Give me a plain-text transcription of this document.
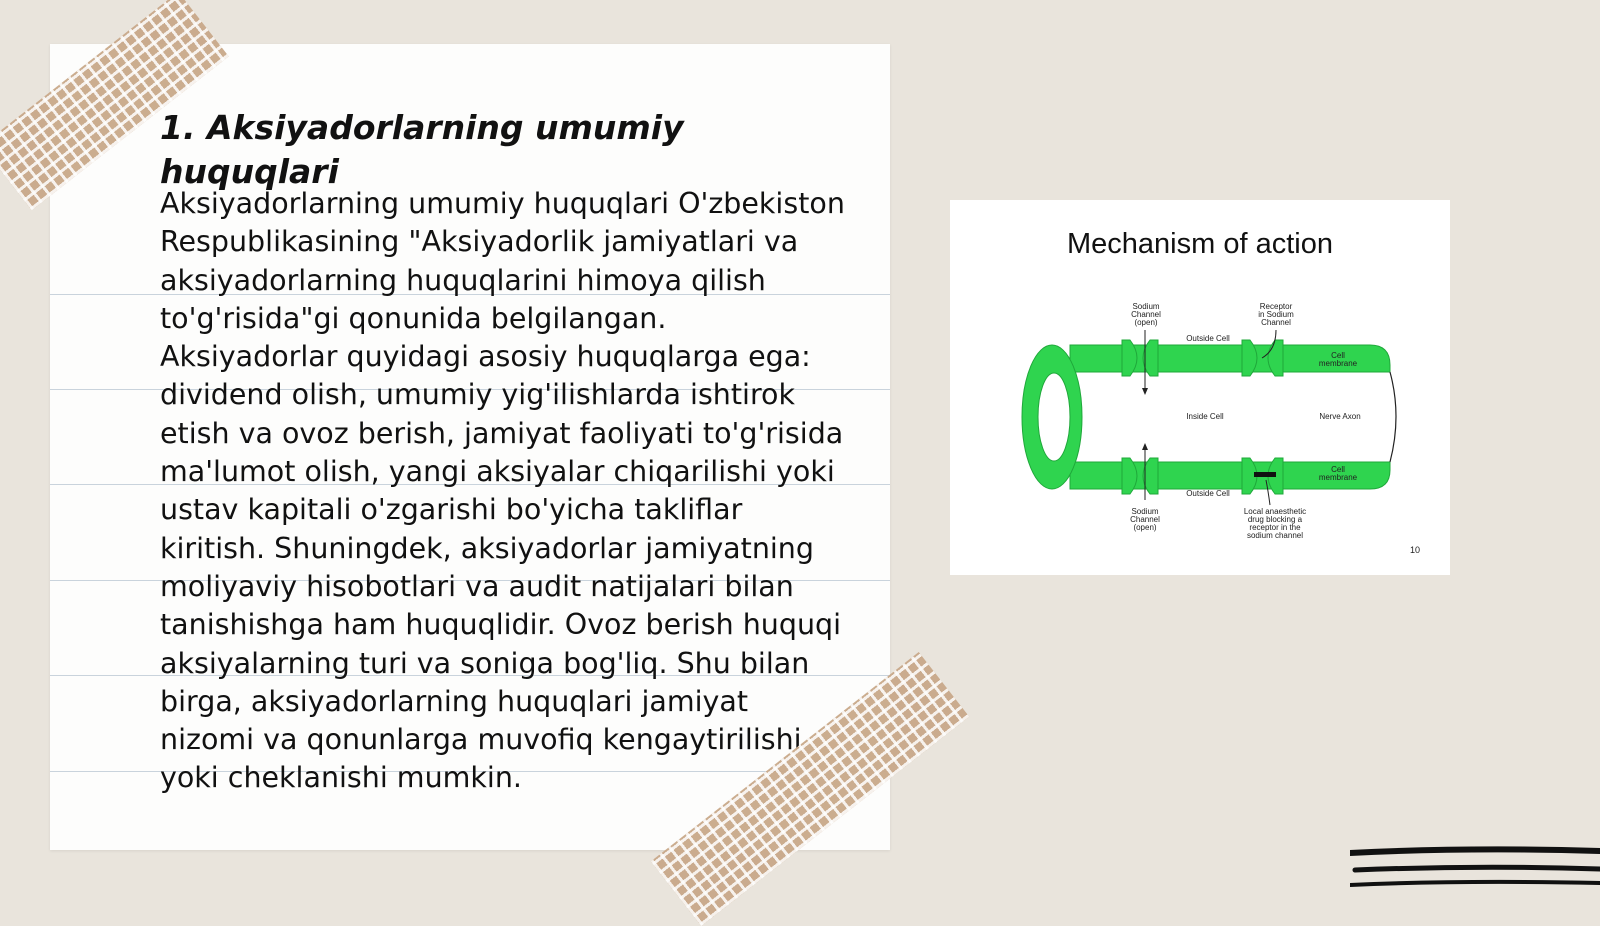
1. Aksiyadorlarning umumiy huquqlari

Aksiyadorlarning umumiy huquqlari O'zbekiston Respublikasining "Aksiyadorlik jamiyatlari va aksiyadorlarning huquqlarini himoya qilish to'g'risida"gi qonunida belgilangan. Aksiyadorlar quyidagi asosiy huquqlarga ega: dividend olish, umumiy yig'ilishlarda ishtirok etish va ovoz berish, jamiyat faoliyati to'g'risida ma'lumot olish, yangi aksiyalar chiqarilishi yoki ustav kapitali o'zgarishi bo'yicha takliflar kiritish. Shuningdek, aksiyadorlar jamiyatning moliyaviy hisobotlari va audit natijalari bilan tanishishga ham huquqlidir. Ovoz berish huquqi aksiyalarning turi va soniga bog'liq. Shu bilan birga, aksiyadorlarning huquqlari jamiyat nizomi va qonunlarga muvofiq kengaytirilishi yoki cheklanishi mumkin.

Mechanism of action
Sodium
Channel
(open)
Receptor
in Sodium
Channel
Outside Cell
Inside Cell	Nerve Axon
Cell
membrane
Cell
membrane
Outside Cell
Sodium
Channel
(open)
Local anaesthetic
drug blocking a
receptor in the
sodium channel
10
